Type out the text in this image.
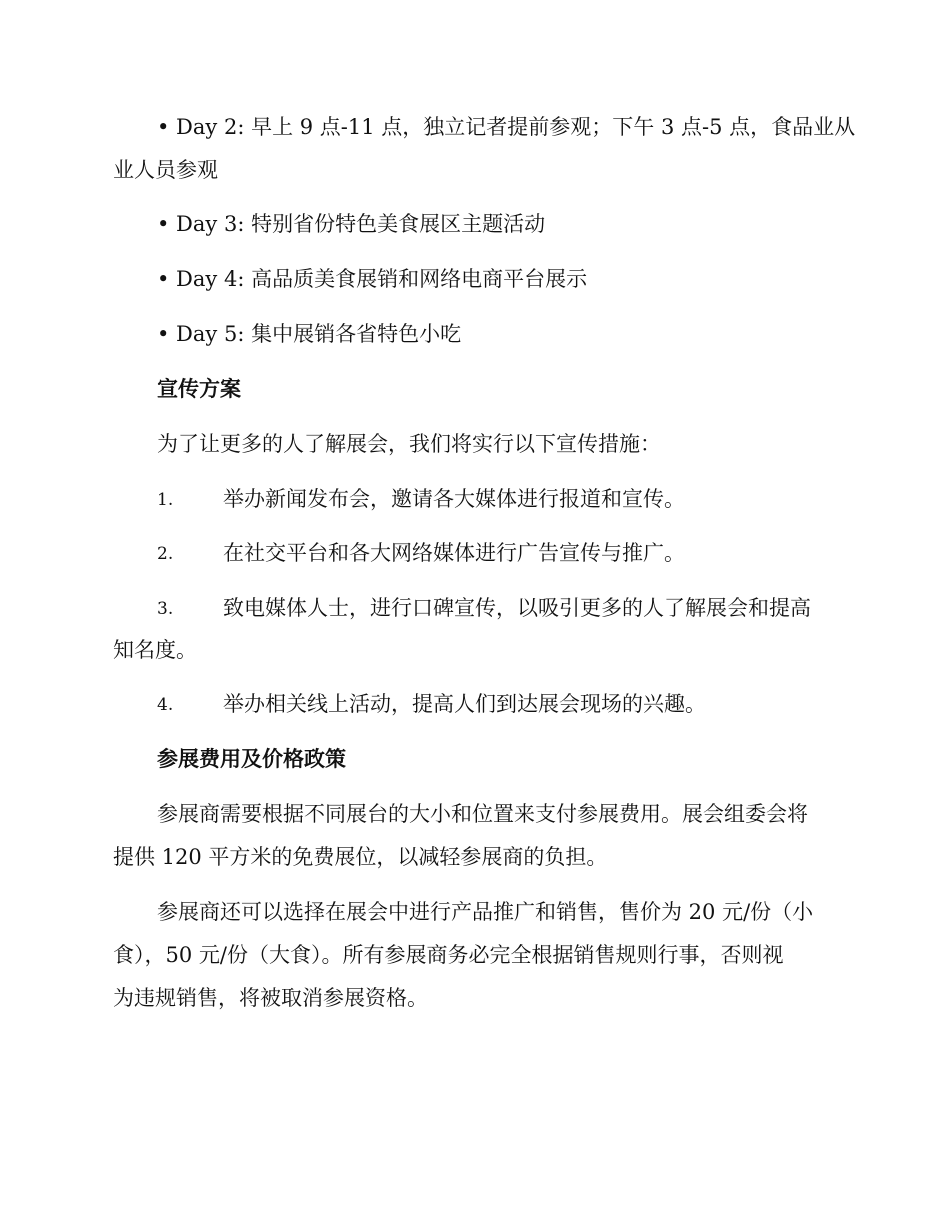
• Day 2: 早上 9 点-11 点，独立记者提前参观；下午 3 点-5 点，食品业从
业人员参观
• Day 3: 特别省份特色美食展区主题活动
• Day 4: 高品质美食展销和网络电商平台展示
• Day 5: 集中展销各省特色小吃
宣传方案
为了让更多的人了解展会，我们将实行以下宣传措施：
1. 举办新闻发布会，邀请各大媒体进行报道和宣传。
2. 在社交平台和各大网络媒体进行广告宣传与推广。
3. 致电媒体人士，进行口碑宣传，以吸引更多的人了解展会和提高
知名度。
4. 举办相关线上活动，提高人们到达展会现场的兴趣。
参展费用及价格政策
参展商需要根据不同展台的大小和位置来支付参展费用。展会组委会将
提供 120 平方米的免费展位，以减轻参展商的负担。
参展商还可以选择在展会中进行产品推广和销售，售价为 20 元/份（小
食），50 元/份（大食）。所有参展商务必完全根据销售规则行事，否则视
为违规销售，将被取消参展资格。
